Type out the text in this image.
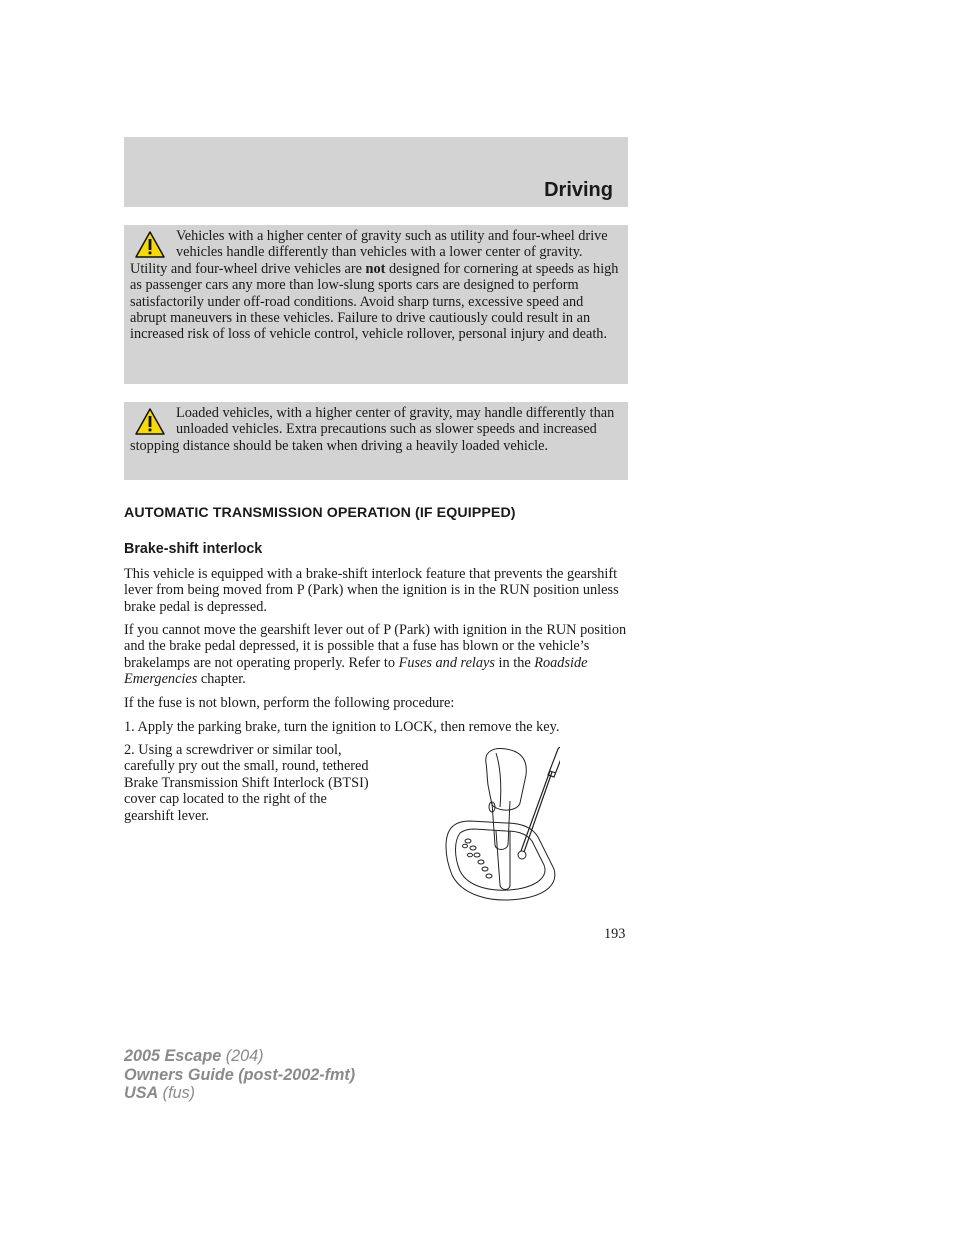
Driving
Vehicles with a higher center of gravity such as utility and four-wheel drive vehicles handle differently than vehicles with a lower center of gravity. Utility and four-wheel drive vehicles are not designed for cornering at speeds as high as passenger cars any more than low-slung sports cars are designed to perform satisfactorily under off-road conditions. Avoid sharp turns, excessive speed and abrupt maneuvers in these vehicles. Failure to drive cautiously could result in an increased risk of loss of vehicle control, vehicle rollover, personal injury and death.
Loaded vehicles, with a higher center of gravity, may handle differently than unloaded vehicles. Extra precautions such as slower speeds and increased stopping distance should be taken when driving a heavily loaded vehicle.
AUTOMATIC TRANSMISSION OPERATION (IF EQUIPPED)
Brake-shift interlock

This vehicle is equipped with a brake-shift interlock feature that prevents the gearshift lever from being moved from P (Park) when the ignition is in the RUN position unless brake pedal is depressed.

If you cannot move the gearshift lever out of P (Park) with ignition in the RUN position and the brake pedal depressed, it is possible that a fuse has blown or the vehicle’s brakelamps are not operating properly. Refer to Fuses and relays in the Roadside Emergencies chapter.

If the fuse is not blown, perform the following procedure:

1. Apply the parking brake, turn the ignition to LOCK, then remove the key.

2. Using a screwdriver or similar tool, carefully pry out the small, round, tethered Brake Transmission Shift Interlock (BTSI) cover cap located to the right of the gearshift lever.

193
2005 Escape (204)
Owners Guide (post-2002-fmt)
USA (fus)
